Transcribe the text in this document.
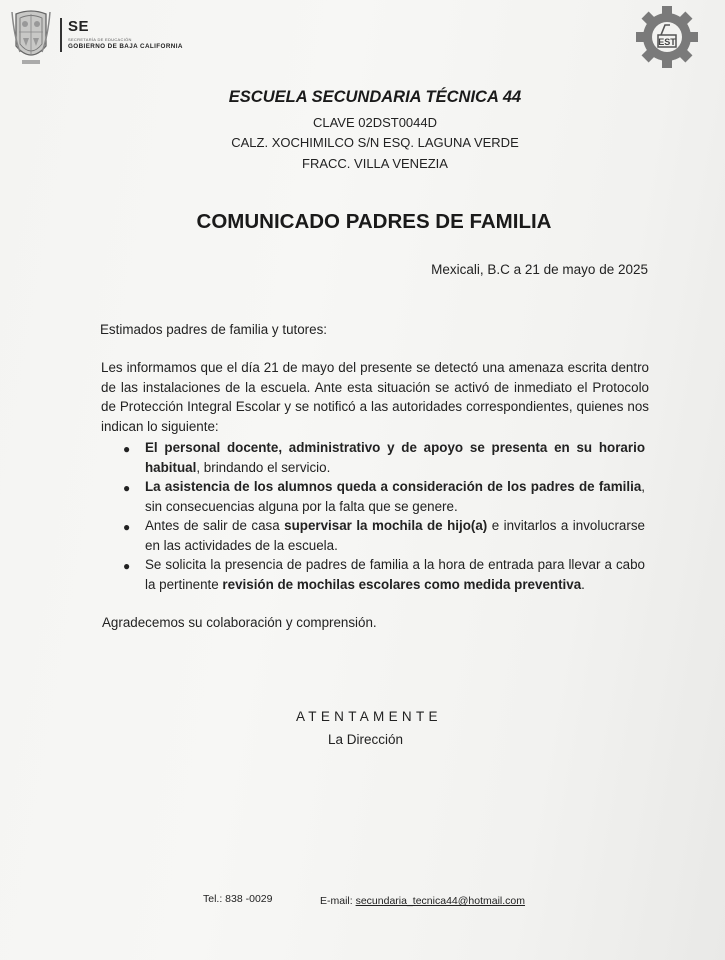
SE
SECRETARÍA DE EDUCACIÓN
GOBIERNO DE BAJA CALIFORNIA	EST
ESCUELA SECUNDARIA TÉCNICA 44
CLAVE 02DST0044D
CALZ. XOCHIMILCO S/N ESQ. LAGUNA VERDE
FRACC. VILLA VENEZIA
COMUNICADO PADRES DE FAMILIA
Mexicali, B.C a 21 de mayo de 2025
Estimados padres de familia y tutores:
Les informamos que el día 21 de mayo del presente se detectó una amenaza escrita dentro de las instalaciones de la escuela. Ante esta situación se activó de inmediato el Protocolo de Protección Integral Escolar y se notificó a las autoridades correspondientes, quienes nos indican lo siguiente:
● El personal docente, administrativo y de apoyo se presenta en su horario habitual, brindando el servicio.
● La asistencia de los alumnos queda a consideración de los padres de familia, sin consecuencias alguna por la falta que se genere.
● Antes de salir de casa supervisar la mochila de hijo(a) e invitarlos a involucrarse en las actividades de la escuela.
● Se solicita la presencia de padres de familia a la hora de entrada para llevar a cabo la pertinente revisión de mochilas escolares como medida preventiva.
Agradecemos su colaboración y comprensión.
ATENTAMENTE
La Dirección
Tel.: 838 -0029	E-mail: secundaria_tecnica44@hotmail.com
